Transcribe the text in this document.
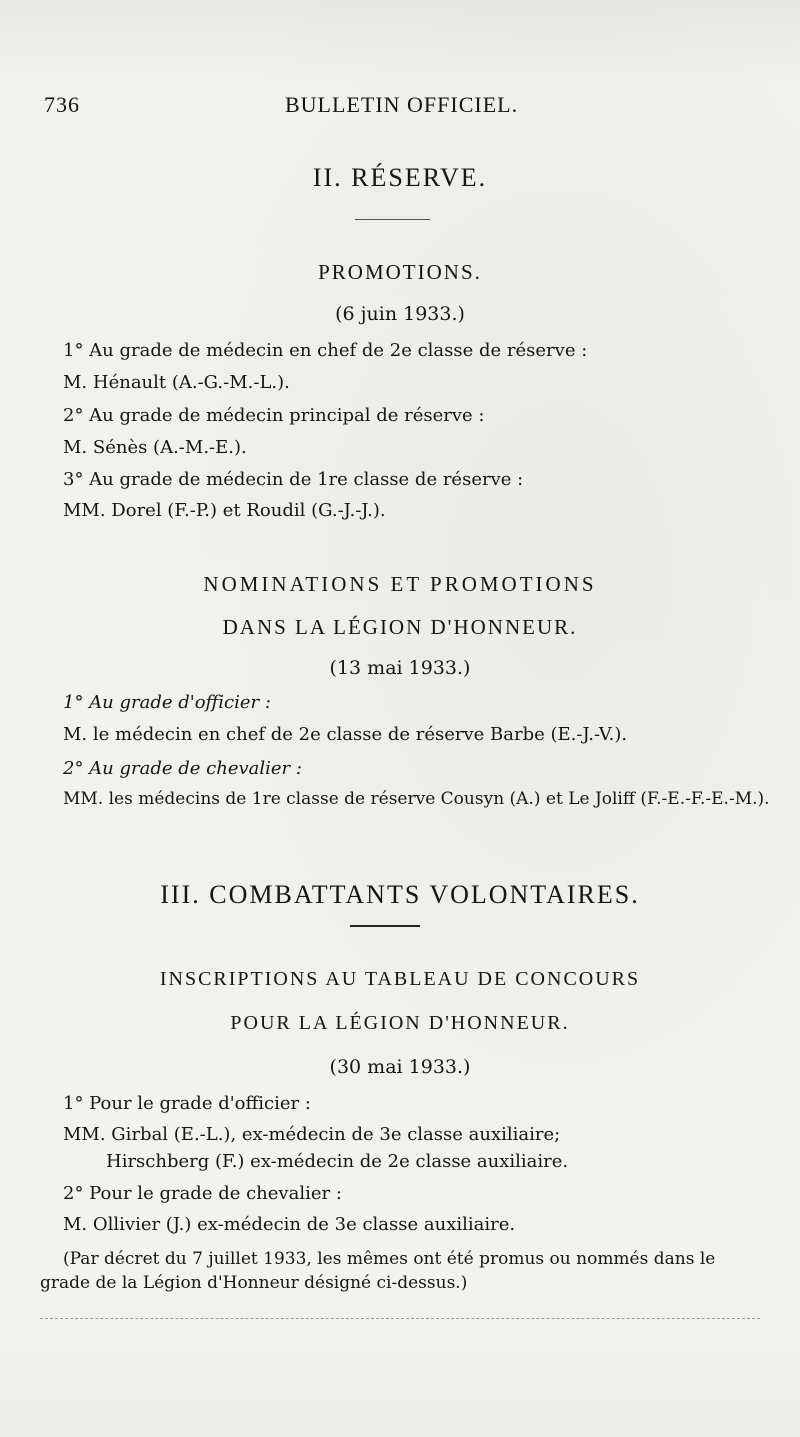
736	BULLETIN OFFICIEL.
II. RÉSERVE.
PROMOTIONS.
(6 juin 1933.)
1° Au grade de médecin en chef de 2e classe de réserve :
M. Hénault (A.-G.-M.-L.).
2° Au grade de médecin principal de réserve :
M. Sénès (A.-M.-E.).
3° Au grade de médecin de 1re classe de réserve :
MM. Dorel (F.-P.) et Roudil (G.-J.-J.).
NOMINATIONS ET PROMOTIONS
DANS LA LÉGION D'HONNEUR.
(13 mai 1933.)
1° Au grade d'officier :
M. le médecin en chef de 2e classe de réserve Barbe (E.-J.-V.).
2° Au grade de chevalier :
MM. les médecins de 1re classe de réserve Cousyn (A.) et Le Joliff (F.-E.-F.-E.-M.).
III. COMBATTANTS VOLONTAIRES.
INSCRIPTIONS AU TABLEAU DE CONCOURS
POUR LA LÉGION D'HONNEUR.
(30 mai 1933.)
1° Pour le grade d'officier :
MM. Girbal (E.-L.), ex-médecin de 3e classe auxiliaire;
Hirschberg (F.) ex-médecin de 2e classe auxiliaire.
2° Pour le grade de chevalier :
M. Ollivier (J.) ex-médecin de 3e classe auxiliaire.
(Par décret du 7 juillet 1933, les mêmes ont été promus ou nommés dans le
grade de la Légion d'Honneur désigné ci-dessus.)
